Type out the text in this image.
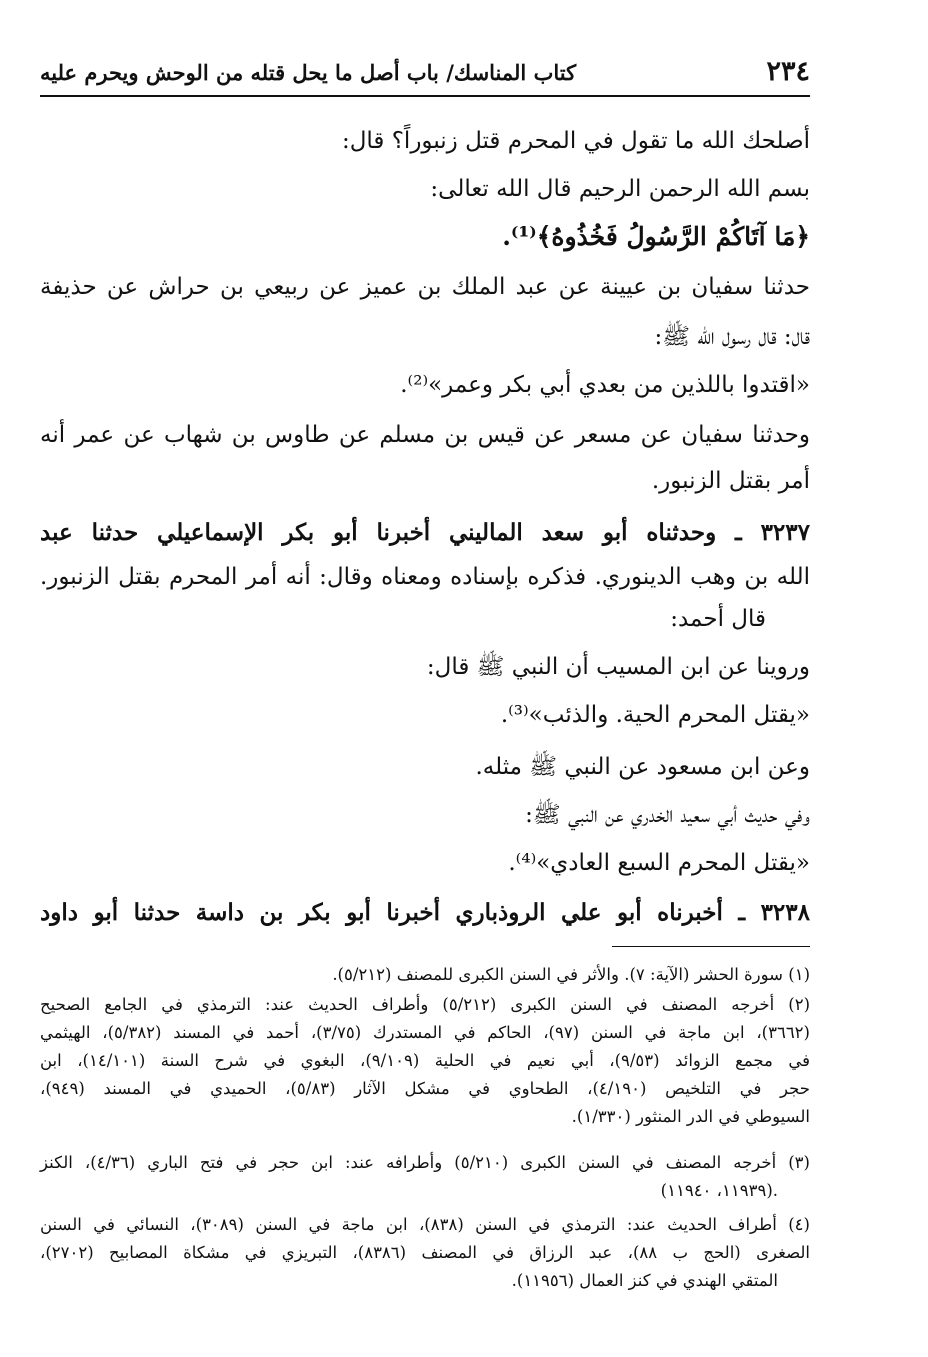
٢٣٤
كتاب المناسك/ باب أصل ما يحل قتله من الوحش ويحرم عليه
أصلحك الله ما تقول في المحرم قتل زنبوراً؟ قال:
بسم الله الرحمن الرحيم قال الله تعالى:
﴿مَا آتَاكُمْ الرَّسُولُ فَخُذُوهُ﴾⁽¹⁾.
حدثنا سفيان بن عيينة عن عبد الملك بن عميز عن ربيعي بن حراش عن حذيفة
قال: قال رسول الله ﷺ:
«اقتدوا باللذين من بعدي أبي بكر وعمر»⁽²⁾.
وحدثنا سفيان عن مسعر عن قيس بن مسلم عن طاوس بن شهاب عن عمر أنه
أمر بقتل الزنبور.
٣٢٣٧ ـ وحدثناه أبو سعد الماليني أخبرنا أبو بكر الإسماعيلي حدثنا عبد
الله بن وهب الدينوري. فذكره بإسناده ومعناه وقال: أنه أمر المحرم بقتل الزنبور.
قال أحمد:
وروينا عن ابن المسيب أن النبي ﷺ قال:
«يقتل المحرم الحية. والذئب»⁽³⁾.
وعن ابن مسعود عن النبي ﷺ مثله.
وفي حديث أبي سعيد الخدري عن النبي ﷺ:
«يقتل المحرم السبع العادي»⁽⁴⁾.
٣٢٣٨ ـ أخبرناه أبو علي الروذباري أخبرنا أبو بكر بن داسة حدثنا أبو داود
(١) سورة الحشر (الآية: ٧). والأثر في السنن الكبرى للمصنف (٥/٢١٢).
(٢) أخرجه المصنف في السنن الكبرى (٥/٢١٢) وأطراف الحديث عند: الترمذي في الجامع الصحيح
(٣٦٦٢)، ابن ماجة في السنن (٩٧)، الحاكم في المستدرك (٣/٧٥)، أحمد في المسند (٥/٣٨٢)، الهيثمي
في مجمع الزوائد (٩/٥٣)، أبي نعيم في الحلية (٩/١٠٩)، البغوي في شرح السنة (١٤/١٠١)، ابن
حجر في التلخيص (٤/١٩٠)، الطحاوي في مشكل الآثار (٥/٨٣)، الحميدي في المسند (٩٤٩)،
السيوطي في الدر المنثور (١/٣٣٠).
(٣) أخرجه المصنف في السنن الكبرى (٥/٢١٠) وأطرافه عند: ابن حجر في فتح الباري (٤/٣٦)، الكنز
(١١٩٣٩، ١١٩٤٠).
(٤) أطراف الحديث عند: الترمذي في السنن (٨٣٨)، ابن ماجة في السنن (٣٠٨٩)، النسائي في السنن
الصغرى (الحج ب ٨٨)، عبد الرزاق في المصنف (٨٣٨٦)، التبريزي في مشكاة المصابيح (٢٧٠٢)،
المتقي الهندي في كنز العمال (١١٩٥٦).
